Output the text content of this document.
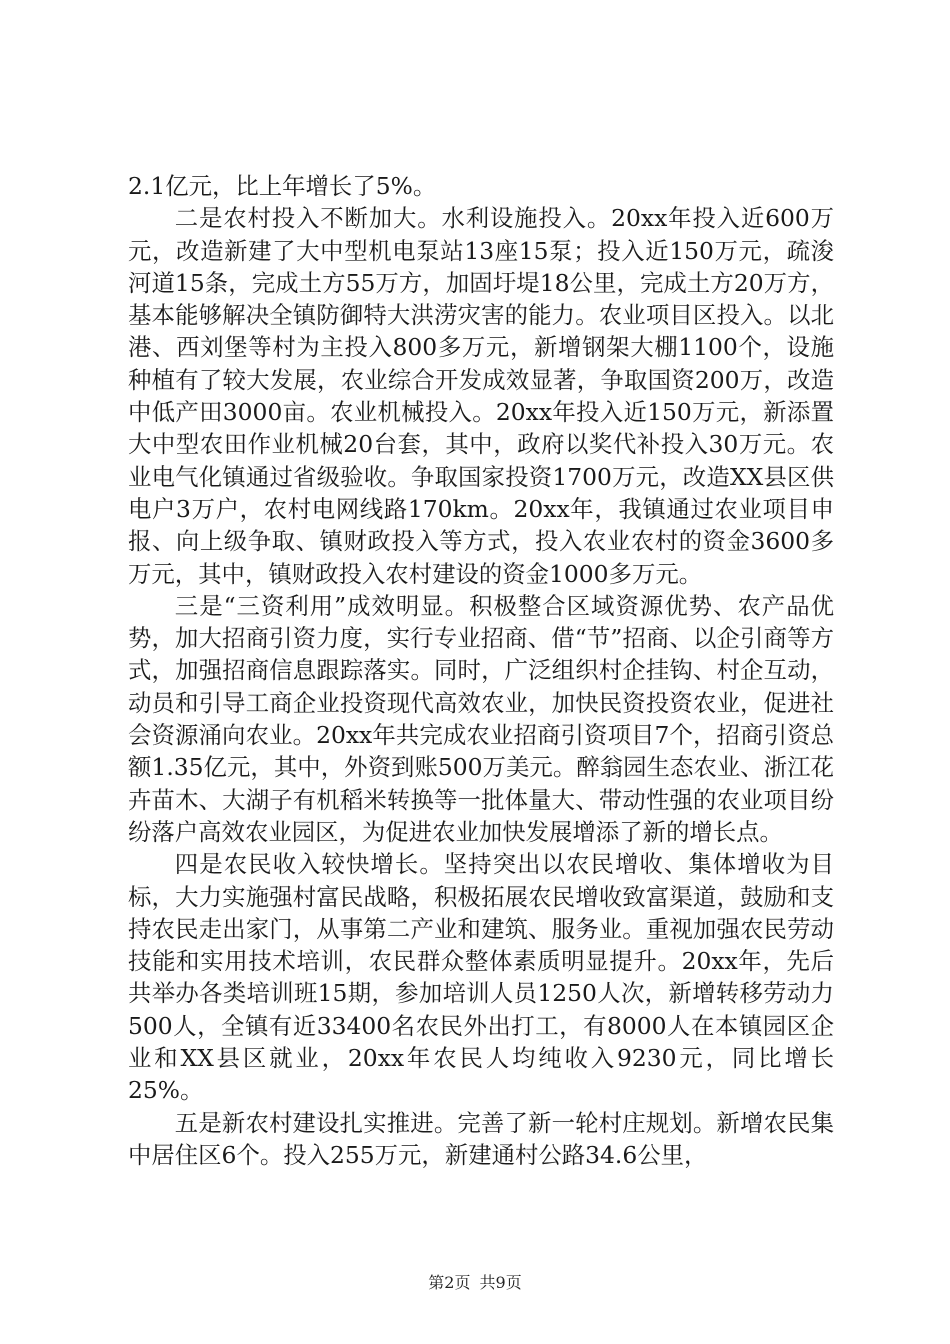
2.1亿元，比上年增长了5%。

二是农村投入不断加大。水利设施投入。20xx年投入近600万元，改造新建了大中型机电泵站13座15泵；投入近150万元，疏浚河道15条，完成土方55万方，加固圩堤18公里，完成土方20万方，基本能够解决全镇防御特大洪涝灾害的能力。农业项目区投入。以北港、西刘堡等村为主投入800多万元，新增钢架大棚1100个，设施种植有了较大发展，农业综合开发成效显著，争取国资200万，改造中低产田3000亩。农业机械投入。20xx年投入近150万元，新添置大中型农田作业机械20台套，其中，政府以奖代补投入30万元。农业电气化镇通过省级验收。争取国家投资1700万元，改造XX县区供电户3万户，农村电网线路170km。20xx年，我镇通过农业项目申报、向上级争取、镇财政投入等方式，投入农业农村的资金3600多万元，其中，镇财政投入农村建设的资金1000多万元。

三是“三资利用”成效明显。积极整合区域资源优势、农产品优势，加大招商引资力度，实行专业招商、借“节”招商、以企引商等方式，加强招商信息跟踪落实。同时，广泛组织村企挂钩、村企互动，动员和引导工商企业投资现代高效农业，加快民资投资农业，促进社会资源涌向农业。20xx年共完成农业招商引资项目7个，招商引资总额1.35亿元，其中，外资到账500万美元。醉翁园生态农业、浙江花卉苗木、大湖子有机稻米转换等一批体量大、带动性强的农业项目纷纷落户高效农业园区，为促进农业加快发展增添了新的增长点。

四是农民收入较快增长。坚持突出以农民增收、集体增收为目标，大力实施强村富民战略，积极拓展农民增收致富渠道，鼓励和支持农民走出家门，从事第二产业和建筑、服务业。重视加强农民劳动技能和实用技术培训，农民群众整体素质明显提升。20xx年，先后共举办各类培训班15期，参加培训人员1250人次，新增转移劳动力500人，全镇有近33400名农民外出打工，有8000人在本镇园区企业和XX县区就业，20xx年农民人均纯收入9230元，同比增长25%。

五是新农村建设扎实推进。完善了新一轮村庄规划。新增农民集中居住区6个。投入255万元，新建通村公路34.6公里，

第2页 共9页
